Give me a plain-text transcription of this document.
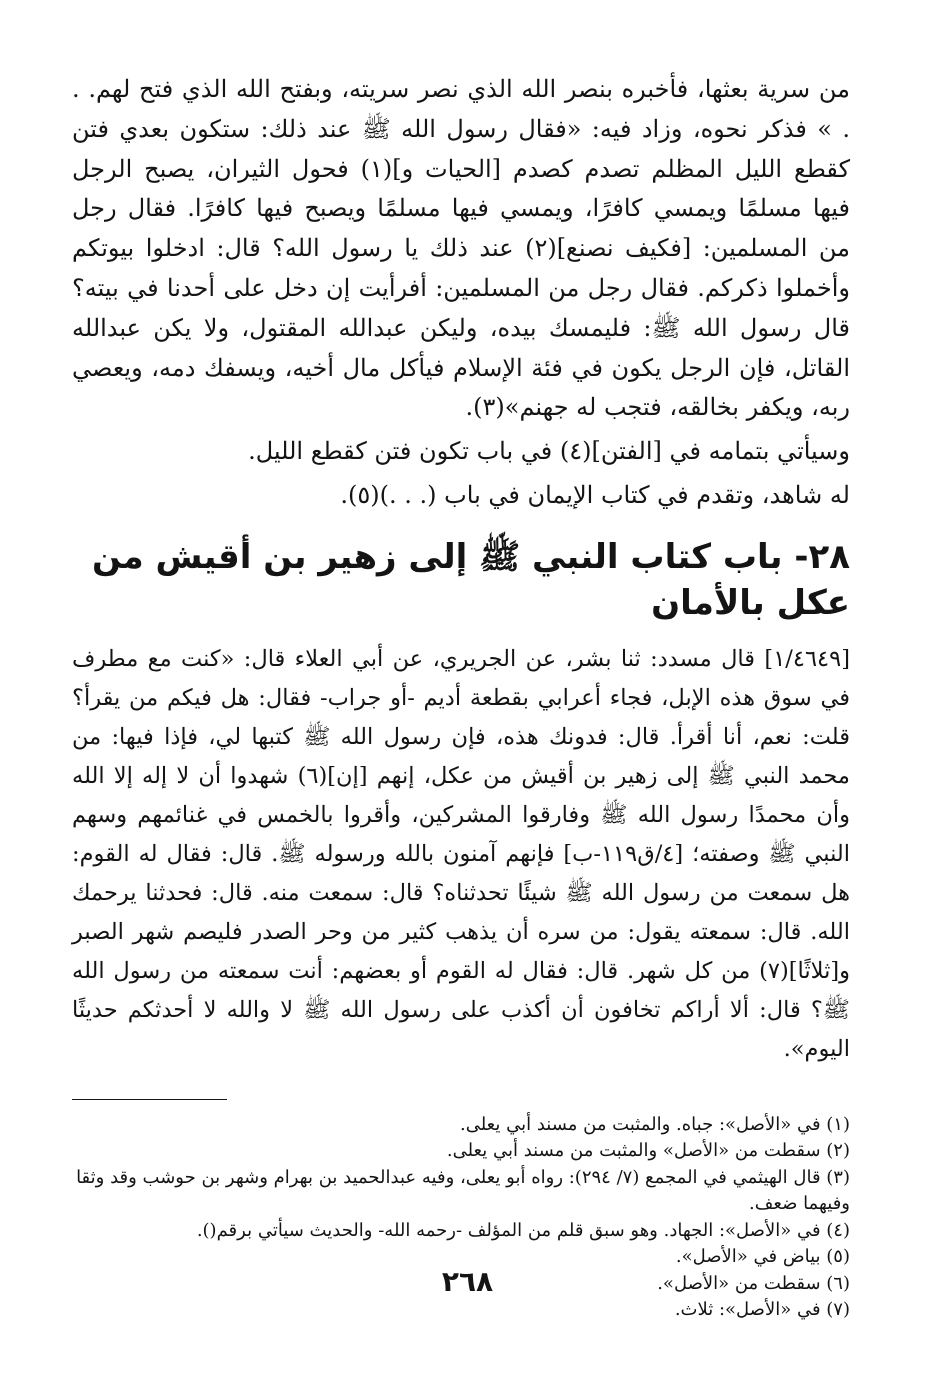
من سرية بعثها، فأخبره بنصر الله الذي نصر سريته، وبفتح الله الذي فتح لهم. . . » فذكر نحوه، وزاد فيه: «فقال رسول الله ﷺ عند ذلك: ستكون بعدي فتن كقطع الليل المظلم تصدم كصدم [الحيات و](١) فحول الثيران، يصبح الرجل فيها مسلمًا ويمسي كافرًا، ويمسي فيها مسلمًا ويصبح فيها كافرًا. فقال رجل من المسلمين: [فكيف نصنع](٢) عند ذلك يا رسول الله؟ قال: ادخلوا بيوتكم وأخملوا ذكركم. فقال رجل من المسلمين: أفرأيت إن دخل على أحدنا في بيته؟ قال رسول الله ﷺ: فليمسك بيده، وليكن عبدالله المقتول، ولا يكن عبدالله القاتل، فإن الرجل يكون في فئة الإسلام فيأكل مال أخيه، ويسفك دمه، ويعصي ربه، ويكفر بخالقه، فتجب له جهنم»(٣).

وسيأتي بتمامه في [الفتن](٤) في باب تكون فتن كقطع الليل.

له شاهد، وتقدم في كتاب الإيمان في باب (. . .)(٥).

٢٨- باب كتاب النبي ﷺ إلى زهير بن أقيش من عكل بالأمان

[١/٤٦٤٩] قال مسدد: ثنا بشر، عن الجريري، عن أبي العلاء قال: «كنت مع مطرف في سوق هذه الإبل، فجاء أعرابي بقطعة أديم -أو جراب- فقال: هل فيكم من يقرأ؟ قلت: نعم، أنا أقرأ. قال: فدونك هذه، فإن رسول الله ﷺ كتبها لي، فإذا فيها: من محمد النبي ﷺ إلى زهير بن أقيش من عكل، إنهم [إن](٦) شهدوا أن لا إله إلا الله وأن محمدًا رسول الله ﷺ وفارقوا المشركين، وأقروا بالخمس في غنائمهم وسهم النبي ﷺ وصفته؛ [٤/ق١١٩-ب] فإنهم آمنون بالله ورسوله ﷺ. قال: فقال له القوم: هل سمعت من رسول الله ﷺ شيئًا تحدثناه؟ قال: سمعت منه. قال: فحدثنا يرحمك الله. قال: سمعته يقول: من سره أن يذهب كثير من وحر الصدر فليصم شهر الصبر و[ثلاثًا](٧) من كل شهر. قال: فقال له القوم أو بعضهم: أنت سمعته من رسول الله ﷺ؟ قال: ألا أراكم تخافون أن أكذب على رسول الله ﷺ لا والله لا أحدثكم حديثًا اليوم».

(١) في «الأصل»: جباه. والمثبت من مسند أبي يعلى.
(٢) سقطت من «الأصل» والمثبت من مسند أبي يعلى.
(٣) قال الهيثمي في المجمع (٧/ ٢٩٤): رواه أبو يعلى، وفيه عبدالحميد بن بهرام وشهر بن حوشب وقد وثقا وفيهما ضعف.
(٤) في «الأصل»: الجهاد. وهو سبق قلم من المؤلف -رحمه الله- والحديث سيأتي برقم().
(٥) بياض في «الأصل».
(٦) سقطت من «الأصل».
(٧) في «الأصل»: ثلاث.
٢٦٨
